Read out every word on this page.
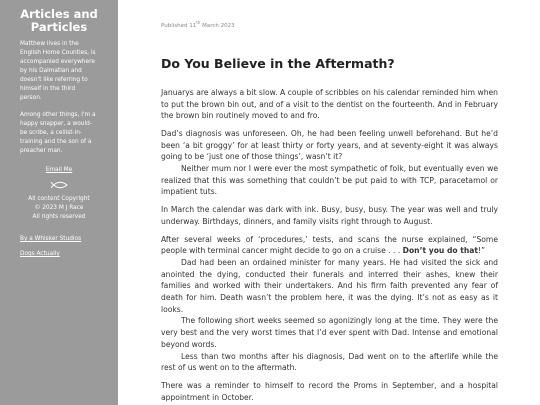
Articles and
Particles

Matthew lives in the English Home Counties, is accompanied everywhere by his Dalmatian and doesn't like referring to himself in the third person.

Among other things, I'm a happy snapper, a would-be scribe, a cellist-in-training and the son of a preacher man.

Email Me
All content Copyright
© 2023 M J Race
All rights reserved
By a Whisker Studios
Dogs Actually
Published 11th March 2023
Do You Believe in the Aftermath?

Januarys are always a bit slow. A couple of scribbles on his calendar reminded him when to put the brown bin out, and of a visit to the dentist on the fourteenth. And in February the brown bin routinely moved to and fro.

Dad’s diagnosis was unforeseen. Oh, he had been feeling unwell beforehand. But he’d been ‘a bit groggy’ for at least thirty or forty years, and at seventy-eight it was always going to be ‘just one of those things’, wasn’t it?

Neither mum nor I were ever the most sympathetic of folk, but eventually even we realized that this was something that couldn’t be put paid to with TCP, paracetamol or impatient tuts.

In March the calendar was dark with ink. Busy, busy, busy. The year was well and truly underway. Birthdays, dinners, and family visits right through to August.

After several weeks of ‘procedures,’ tests, and scans the nurse explained, “Some people with terminal cancer might decide to go on a cruise . . . Don’t you do that!”

Dad had been an ordained minister for many years. He had visited the sick and anointed the dying, conducted their funerals and interred their ashes, knew their families and worked with their undertakers. And his firm faith prevented any fear of death for him. Death wasn’t the problem here, it was the dying. It’s not as easy as it looks.

The following short weeks seemed so agonizingly long at the time. They were the very best and the very worst times that I’d ever spent with Dad. Intense and emotional beyond words.

Less than two months after his diagnosis, Dad went on to the afterlife while the rest of us went on to the aftermath.

There was a reminder to himself to record the Proms in September, and a hospital appointment in October.
